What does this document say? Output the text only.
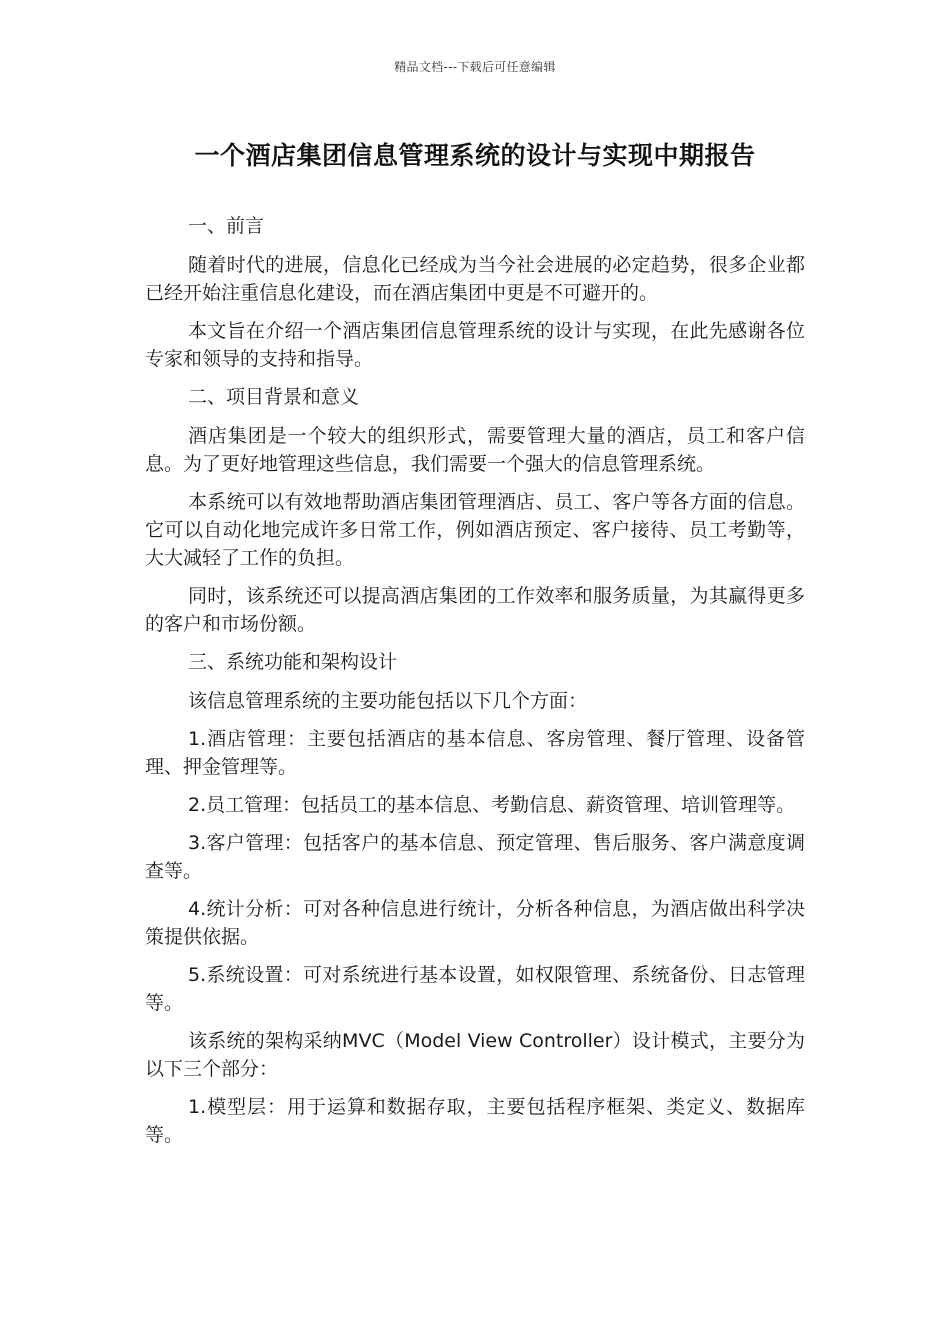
精品文档---下载后可任意编辑
一个酒店集团信息管理系统的设计与实现中期报告

一、前言

随着时代的进展，信息化已经成为当今社会进展的必定趋势，很多企业都已经开始注重信息化建设，而在酒店集团中更是不可避开的。

本文旨在介绍一个酒店集团信息管理系统的设计与实现，在此先感谢各位专家和领导的支持和指导。

二、项目背景和意义

酒店集团是一个较大的组织形式，需要管理大量的酒店，员工和客户信息。为了更好地管理这些信息，我们需要一个强大的信息管理系统。

本系统可以有效地帮助酒店集团管理酒店、员工、客户等各方面的信息。它可以自动化地完成许多日常工作，例如酒店预定、客户接待、员工考勤等，大大减轻了工作的负担。

同时，该系统还可以提高酒店集团的工作效率和服务质量，为其赢得更多的客户和市场份额。

三、系统功能和架构设计

该信息管理系统的主要功能包括以下几个方面：

1.酒店管理：主要包括酒店的基本信息、客房管理、餐厅管理、设备管理、押金管理等。

2.员工管理：包括员工的基本信息、考勤信息、薪资管理、培训管理等。

3.客户管理：包括客户的基本信息、预定管理、售后服务、客户满意度调查等。

4.统计分析：可对各种信息进行统计，分析各种信息，为酒店做出科学决策提供依据。

5.系统设置：可对系统进行基本设置，如权限管理、系统备份、日志管理等。

该系统的架构采纳MVC（Model View Controller）设计模式，主要分为以下三个部分：

1.模型层：用于运算和数据存取，主要包括程序框架、类定义、数据库等。
